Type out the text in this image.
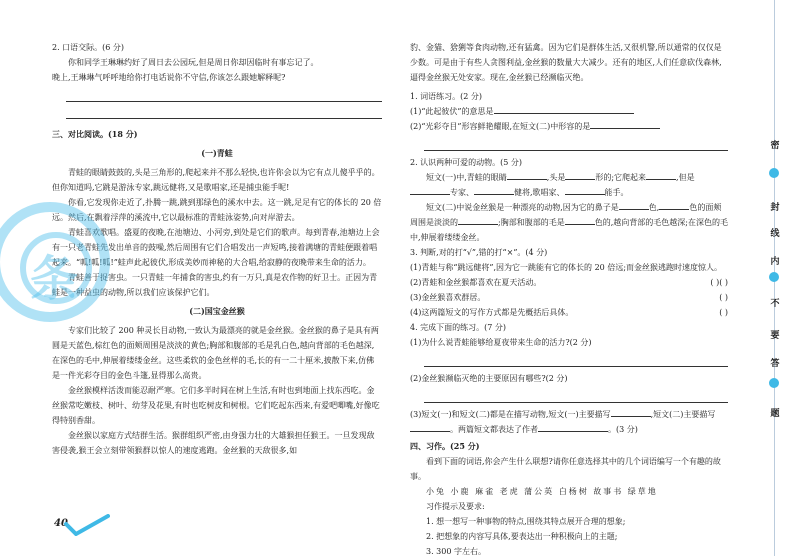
2. 口语交际。(6 分)

你和同学王琳琳约好了周日去公园玩,但是周日你却因临时有事忘记了。

晚上,王琳琳气呼呼地给你打电话说你不守信,你该怎么跟她解释呢?

三、对比阅读。(18 分)

(一)青蛙

青蛙的眼睛鼓鼓的,头是三角形的,爬起来并不那么轻快,也许你会以为它有点儿傻乎乎的。但你知道吗,它跳是游泳专家,跳远健将,又是歌唱家,还是捕虫能手呢!

你看,它发现你走近了,扑腾一跳,跳到那绿色的溪水中去。这一跳,足足有它的体长的 20 倍远。然后,在飘着浮萍的溪流中,它以最标准的青蛙泳姿势,向对岸游去。

青蛙喜欢歌唱。盛夏的夜晚,在池塘边、小河旁,到处是它们的歌声。每到青春,池塘边上会有一只老青蛙先发出单音的鼓噪,然后周围有它们合唱发出一声短鸣,接着满塘的青蛙便跟着唱起来。“呱!呱!呱!”蛙声此起彼伏,形成美妙而神秘的大合唱,给寂静的夜晚带来生命的活力。

青蛙善于捉害虫。一只青蛙一年捕食的害虫,约有一万只,真是农作物的好卫士。正因为青蛙是一种益虫的动物,所以我们应该保护它们。

(二)国宝金丝猴

专家们比较了 200 种灵长目动物,一致认为最漂亮的就是金丝猴。金丝猴的鼻子是具有两圆是天蓝色,棕红色的面颊周围是淡淡的黄色;胸部和腹部的毛是乳白色,越向背部的毛色越深,在深色的毛中,伸展着缕缕金丝。这些柔软的金色丝样的毛,长的有一二十厘米,披散下来,仿佛是一件光彩夺目的金色斗篷,显得那么高贵。

金丝猴模样活泼而能忍耐严寒。它们多半时间在树上生活,有时也到地面上找东西吃。金丝猴常吃嫩枝、树叶、幼芽及花果,有时也吃树皮和树根。它们吃起东西来,有爱吧唧嘴,好像吃得特别香甜。

金丝猴以家庭方式结群生活。猴群组织严密,由身强力壮的大雄猴担任猴王。一旦发现敌害侵袭,猴王会立刻带领猴群以惊人的速度逃跑。金丝猴的天敌很多,如

条
40

豹、金猫、猞猁等食肉动物,还有猛禽。因为它们是群体生活,又很机警,所以通常的仅仅是少数。可是由于有些人贪图利益,金丝猴的数量大大减少。还有的地区,人们任意砍伐森林,逼得金丝猴无处安家。现在,金丝猴已经濒临灭绝。

1. 词语练习。(2 分)

(1)“此起彼伏”的意思是

(2)“光彩夺目”形容鲜艳耀眼,在短文(二)中形容的是

2. 认识两种可爱的动物。(5 分)

短文(一)中,青蛙的眼睛	,头是	形的;它爬起来	,但是专家、	健将,歌唱家、	能手。

短文(二)中说金丝猴是一种漂亮的动物,因为它的鼻子是	色,	色的面颊周围是淡淡的	;胸部和腹部的毛是	色的,越向背部的毛色越深;在深色的毛中,伸展着缕缕金丝。

3. 判断,对的打“√”,错的打“×”。(4 分)

(1)青蛙与称“跳远健将”,因为它一跳能有它的体长的 20 倍远;而金丝猴逃跑时速度惊人。
( )

(2)青蛙和金丝猴都喜欢在夏天活动。	( )

(3)金丝猴喜欢群居。	( )

(4)这两篇短文的写作方式都是先概括后具体。	( )

4. 完成下面的练习。(7 分)

(1)为什么说青蛙能够给夏夜带来生命的活力?(2 分)

(2)金丝猴濒临灭绝的主要原因有哪些?(2 分)

(3)短文(一)和短文(二)都是在描写动物,短文(一)主要描写	,短文(二)主要描写。两篇短文都表达了作者	。(3 分)

四、习作。(25 分)

看到下面的词语,你会产生什么联想?请你任意选择其中的几个词语编写一个有趣的故事。

小兔 小鹿 麻雀 老虎 蒲公英 白杨树 故事书 绿草地

习作提示及要求:

1. 想一想写一种事物的特点,围绕其特点展开合理的想象;

2. 把想象的内容写具体,要表达出一种积极向上的主题;

3. 300 字左右。

密
封
线
内
不
要
答
题
